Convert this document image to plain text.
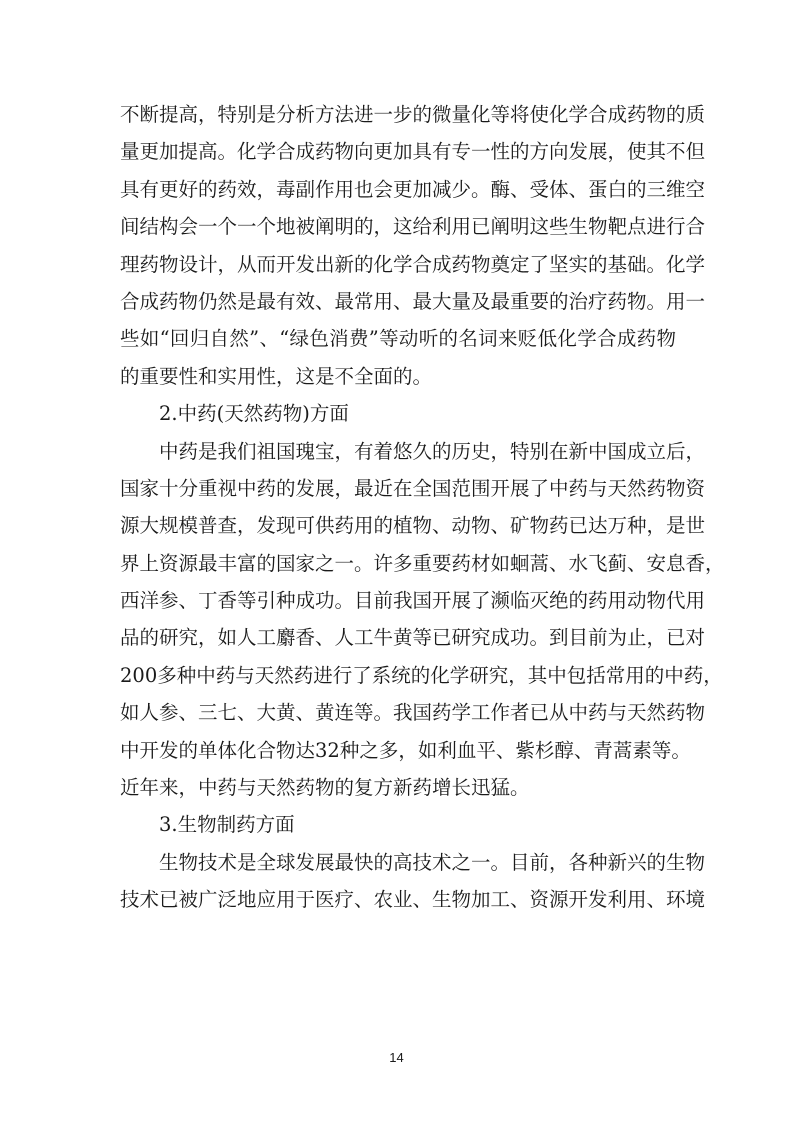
不断提高，特别是分析方法进一步的微量化等将使化学合成药物的质
量更加提高。化学合成药物向更加具有专一性的方向发展，使其不但
具有更好的药效，毒副作用也会更加减少。酶、受体、蛋白的三维空
间结构会一个一个地被阐明的，这给利用已阐明这些生物靶点进行合
理药物设计，从而开发出新的化学合成药物奠定了坚实的基础。化学
合成药物仍然是最有效、最常用、最大量及最重要的治疗药物。用一
些如“回归自然”、“绿色消费”等动听的名词来贬低化学合成药物
的重要性和实用性，这是不全面的。
2.中药(天然药物)方面
中药是我们祖国瑰宝，有着悠久的历史，特别在新中国成立后，
国家十分重视中药的发展，最近在全国范围开展了中药与天然药物资
源大规模普查，发现可供药用的植物、动物、矿物药已达万种，是世
界上资源最丰富的国家之一。许多重要药材如蛔蒿、水飞蓟、安息香，
西洋参、丁香等引种成功。目前我国开展了濒临灭绝的药用动物代用
品的研究，如人工麝香、人工牛黄等已研究成功。到目前为止，已对
200多种中药与天然药进行了系统的化学研究，其中包括常用的中药，
如人参、三七、大黄、黄连等。我国药学工作者已从中药与天然药物
中开发的单体化合物达32种之多，如利血平、紫杉醇、青蒿素等。
近年来，中药与天然药物的复方新药增长迅猛。
3.生物制药方面
生物技术是全球发展最快的高技术之一。目前，各种新兴的生物
技术已被广泛地应用于医疗、农业、生物加工、资源开发利用、环境
14
